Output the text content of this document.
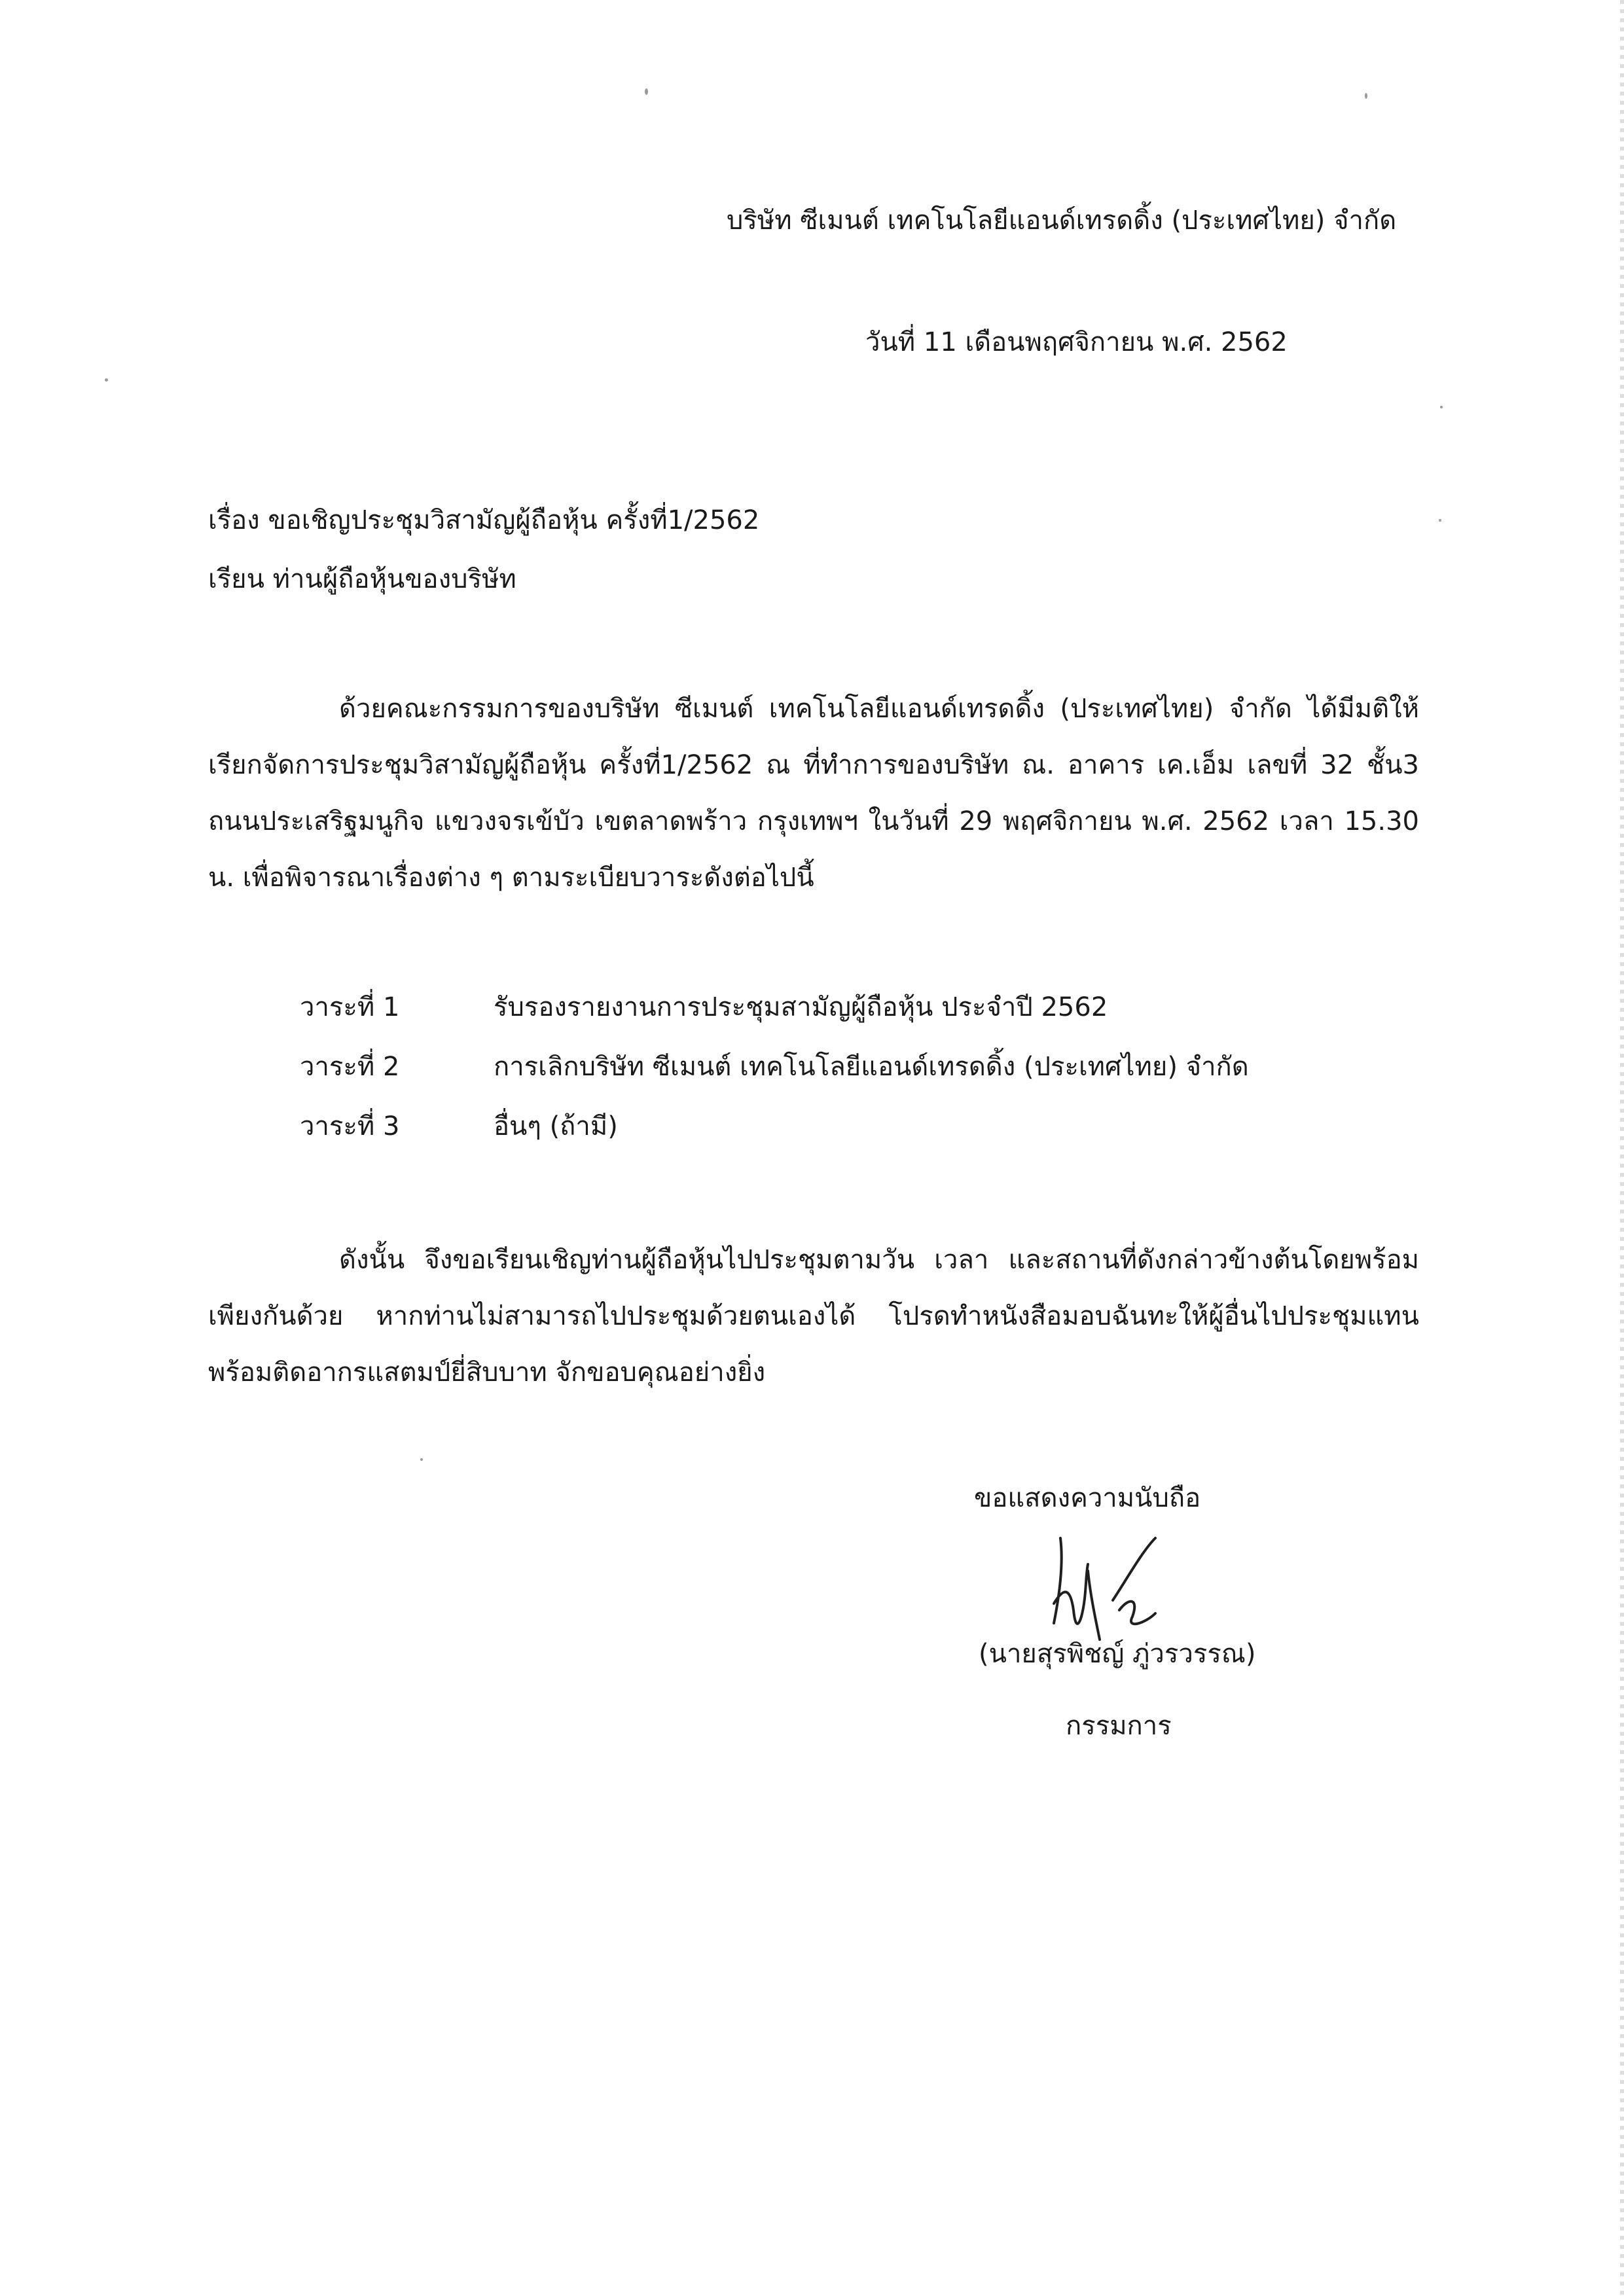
บริษัท ซีเมนต์ เทคโนโลยีแอนด์เทรดดิ้ง (ประเทศไทย) จำกัด
วันที่ 11 เดือนพฤศจิกายน พ.ศ. 2562
เรื่อง ขอเชิญประชุมวิสามัญผู้ถือหุ้น ครั้งที่1/2562
เรียน ท่านผู้ถือหุ้นของบริษัท
ด้วยคณะกรรมการของบริษัท ซีเมนต์ เทคโนโลยีแอนด์เทรดดิ้ง (ประเทศไทย) จำกัด ได้มีมติให้เรียกจัดการประชุมวิสามัญผู้ถือหุ้น ครั้งที่1/2562 ณ ที่ทำการของบริษัท ณ. อาคาร เค.เอ็ม เลขที่ 32 ชั้น3 ถนนประเสริฐมนูกิจ แขวงจรเข้บัว เขตลาดพร้าว กรุงเทพฯ ในวันที่ 29 พฤศจิกายน พ.ศ. 2562 เวลา 15.30 น. เพื่อพิจารณาเรื่องต่าง ๆ ตามระเบียบวาระดังต่อไปนี้
วาระที่ 1	รับรองรายงานการประชุมสามัญผู้ถือหุ้น ประจำปี 2562
วาระที่ 2	การเลิกบริษัท ซีเมนต์ เทคโนโลยีแอนด์เทรดดิ้ง (ประเทศไทย) จำกัด
วาระที่ 3	อื่นๆ (ถ้ามี)
ดังนั้น จึงขอเรียนเชิญท่านผู้ถือหุ้นไปประชุมตามวัน เวลา และสถานที่ดังกล่าวข้างต้นโดยพร้อมเพียงกันด้วย หากท่านไม่สามารถไปประชุมด้วยตนเองได้ โปรดทำหนังสือมอบฉันทะให้ผู้อื่นไปประชุมแทน พร้อมติดอากรแสตมป์ยี่สิบบาท จักขอบคุณอย่างยิ่ง
ขอแสดงความนับถือ
(นายสุรพิชญ์ ภู่วรวรรณ)
กรรมการ
